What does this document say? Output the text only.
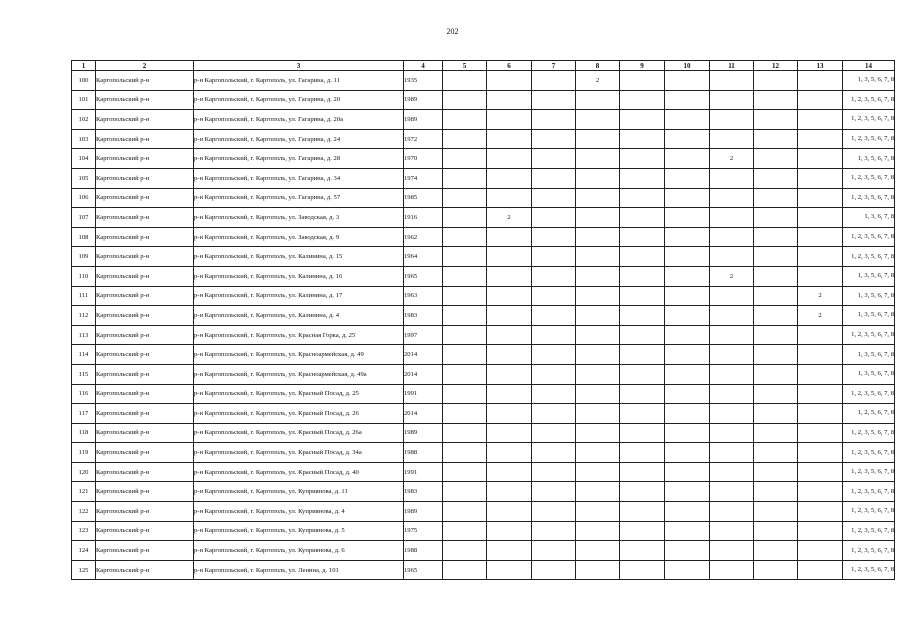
202
1	2	3	4	5	6	7	8	9	10	11	12	13	14
100	Каргопольский р-н	р-н Каргопольский, г. Каргополь, ул. Гагарина, д. 11	1935				2						1, 3, 5, 6, 7, 8
101	Каргопольский р-н	р-н Каргопольский, г. Каргополь, ул. Гагарина, д. 20	1989										1, 2, 3, 5, 6, 7, 8
102	Каргопольский р-н	р-н Каргопольский, г. Каргополь, ул. Гагарина, д. 20а	1989										1, 2, 3, 5, 6, 7, 8
103	Каргопольский р-н	р-н Каргопольский, г. Каргополь, ул. Гагарина, д. 24	1972										1, 2, 3, 5, 6, 7, 8
104	Каргопольский р-н	р-н Каргопольский, г. Каргополь, ул. Гагарина, д. 28	1970							2			1, 3, 5, 6, 7, 8
105	Каргопольский р-н	р-н Каргопольский, г. Каргополь, ул. Гагарина, д. 34	1974										1, 2, 3, 5, 6, 7, 8
106	Каргопольский р-н	р-н Каргопольский, г. Каргополь, ул. Гагарина, д. 57	1985										1, 2, 3, 5, 6, 7, 8
107	Каргопольский р-н	р-н Каргопольский, г. Каргополь, ул. Заводская, д. 3	1916		2								1, 3, 6, 7, 8
108	Каргопольский р-н	р-н Каргопольский, г. Каргополь, ул. Заводская, д. 9	1962										1, 2, 3, 5, 6, 7, 8
109	Каргопольский р-н	р-н Каргопольский, г. Каргополь, ул. Калинина, д. 15	1964										1, 2, 3, 5, 6, 7, 8
110	Каргопольский р-н	р-н Каргопольский, г. Каргополь, ул. Калинина, д. 16	1965							2			1, 3, 5, 6, 7, 8
111	Каргопольский р-н	р-н Каргопольский, г. Каргополь, ул. Калинина, д. 17	1963									2	1, 3, 5, 6, 7, 8
112	Каргопольский р-н	р-н Каргопольский, г. Каргополь, ул. Калинина, д. 4	1983									2	1, 3, 5, 6, 7, 8
113	Каргопольский р-н	р-н Каргопольский, г. Каргополь, ул. Красная Горка, д. 25	1997										1, 2, 3, 5, 6, 7, 8
114	Каргопольский р-н	р-н Каргопольский, г. Каргополь, ул. Красноармейская, д. 49	2014										1, 3, 5, 6, 7, 8
115	Каргопольский р-н	р-н Каргопольский, г. Каргополь, ул. Красноармейская, д. 49а	2014										1, 3, 5, 6, 7, 8
116	Каргопольский р-н	р-н Каргопольский, г. Каргополь, ул. Красный Посад, д. 25	1991										1, 2, 3, 5, 6, 7, 8
117	Каргопольский р-н	р-н Каргопольский, г. Каргополь, ул. Красный Посад, д. 26	2014										1, 2, 5, 6, 7, 8
118	Каргопольский р-н	р-н Каргопольский, г. Каргополь, ул. Красный Посад, д. 26а	1989										1, 2, 3, 5, 6, 7, 8
119	Каргопольский р-н	р-н Каргопольский, г. Каргополь, ул. Красный Посад, д. 34а	1988										1, 2, 3, 5, 6, 7, 8
120	Каргопольский р-н	р-н Каргопольский, г. Каргополь, ул. Красный Посад, д. 40	1991										1, 2, 3, 5, 6, 7, 8
121	Каргопольский р-н	р-н Каргопольский, г. Каргополь, ул. Куприянова, д. 11	1983										1, 2, 3, 5, 6, 7, 8
122	Каргопольский р-н	р-н Каргопольский, г. Каргополь, ул. Куприянова, д. 4	1989										1, 2, 3, 5, 6, 7, 8
123	Каргопольский р-н	р-н Каргопольский, г. Каргополь, ул. Куприянова, д. 5	1975										1, 2, 3, 5, 6, 7, 8
124	Каргопольский р-н	р-н Каргопольский, г. Каргополь, ул. Куприянова, д. 6	1988										1, 2, 3, 5, 6, 7, 8
125	Каргопольский р-н	р-н Каргопольский, г. Каргополь, ул. Ленина, д. 101	1965										1, 2, 3, 5, 6, 7, 8
